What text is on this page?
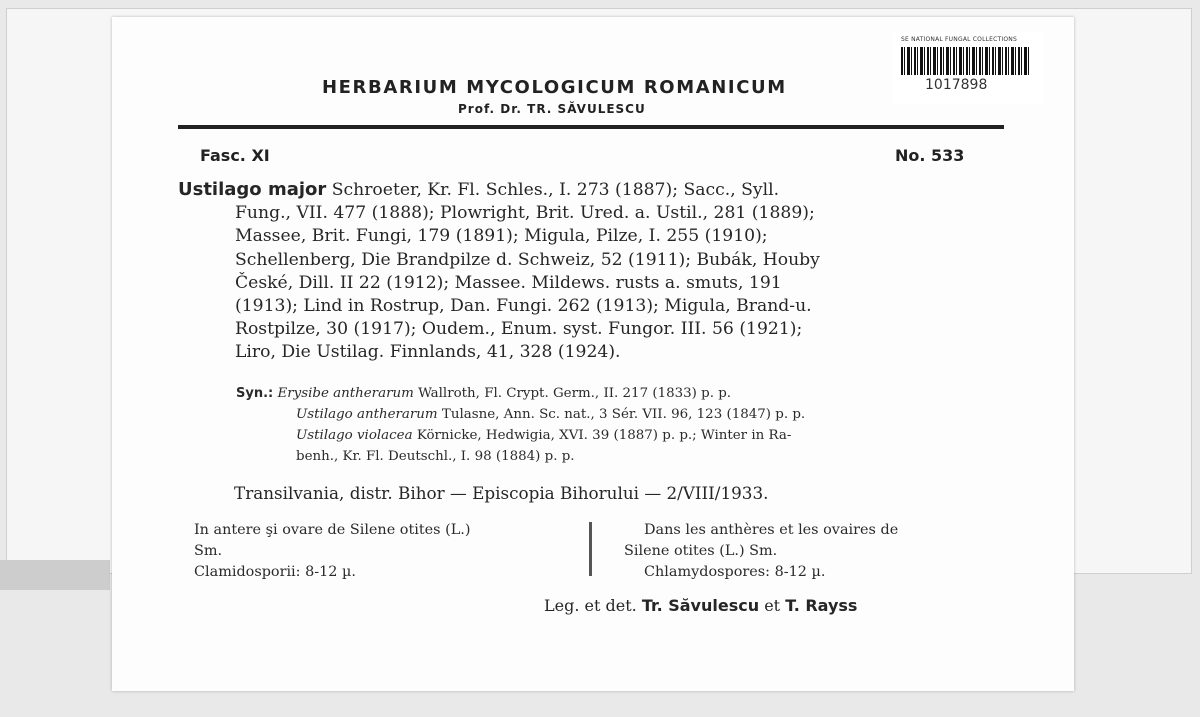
SE NATIONAL FUNGAL COLLECTIONS
1017898
HERBARIUM MYCOLOGICUM ROMANICUM
Prof. Dr. TR. SĂVULESCU
Fasc. XI	No. 533
Ustilago major Schroeter, Kr. Fl. Schles., I. 273 (1887); Sacc., Syll.
Fung., VII. 477 (1888); Plowright, Brit. Ured. a. Ustil., 281 (1889);
Massee, Brit. Fungi, 179 (1891); Migula, Pilze, I. 255 (1910);
Schellenberg, Die Brandpilze d. Schweiz, 52 (1911); Bubák, Houby
České, Dill. II 22 (1912); Massee. Mildews. rusts a. smuts, 191
(1913); Lind in Rostrup, Dan. Fungi. 262 (1913); Migula, Brand-u.
Rostpilze, 30 (1917); Oudem., Enum. syst. Fungor. III. 56 (1921);
Liro, Die Ustilag. Finnlands, 41, 328 (1924).
Syn.: Erysibe antherarum Wallroth, Fl. Crypt. Germ., II. 217 (1833) p. p.
Ustilago antherarum Tulasne, Ann. Sc. nat., 3 Sér. VII. 96, 123 (1847) p. p.
Ustilago violacea Körnicke, Hedwigia, XVI. 39 (1887) p. p.; Winter in Ra-
benh., Kr. Fl. Deutschl., I. 98 (1884) p. p.
Transilvania, distr. Bihor — Episcopia Bihorului — 2/VIII/1933.
In antere şi ovare de Silene otites (L.)
Sm.
Clamidosporii: 8-12 µ.
Dans les anthères et les ovaires de
Silene otites (L.) Sm.
Chlamydospores: 8-12 µ.
Leg. et det. Tr. Săvulescu et T. Rayss
